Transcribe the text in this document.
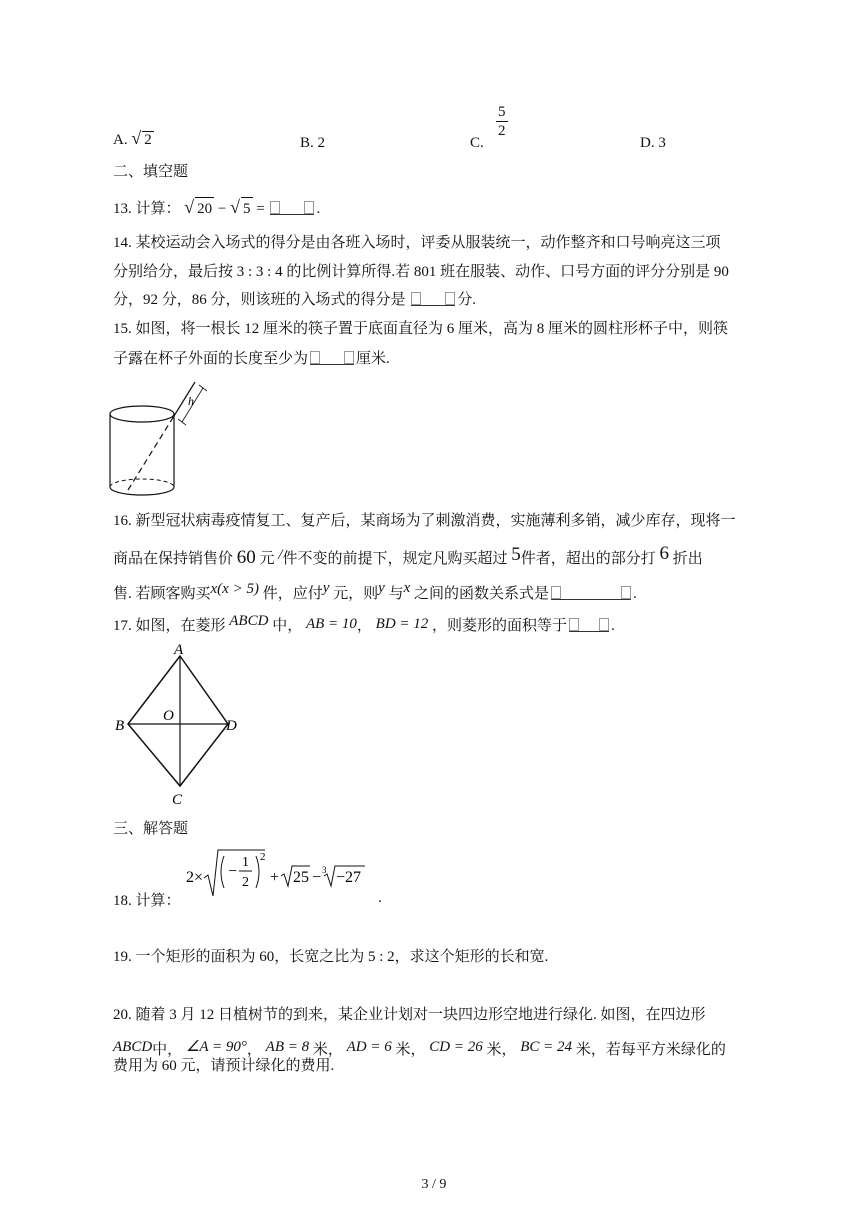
A. √ 2	B. 2	C.
$\frac{5}{2}$
D. 3
二、填空题
13. 计算： √ 20 − √ 5 =	.
14. 某校运动会入场式的得分是由各班入场时，评委从服装统一，动作整齐和口号响亮这三项
分别给分，最后按 3 : 3 : 4 的比例计算所得.若 801 班在服装、动作、口号方面的评分分别是 90
分，92 分，86 分，则该班的入场式的得分是	分.
15. 如图，将一根长 12 厘米的筷子置于底面直径为 6 厘米，高为 8 厘米的圆柱形杯子中，则筷
子露在杯子外面的长度至少为	厘米.
h
16. 新型冠状病毒疫情复工、复产后，某商场为了刺激消费，实施薄利多销，减少库存，现将一
商品在保持销售价 60 元 /件不变的前提下，规定凡购买超过 5件者，超出的部分打 6 折出
售. 若顾客购买x(x > 5) 件，应付y 元，则y 与x 之间的函数关系式是	.
17. 如图，在菱形 ABCD 中， AB = 10， BD = 12 ，则菱形的面积等于	.
A
B	D
C
O
三、解答题
18. 计算：
2× −
1
2
2
+ 25 − 3 −27
.
19. 一个矩形的面积为 60，长宽之比为 5 : 2，求这个矩形的长和宽.
20. 随着 3 月 12 日植树节的到来，某企业计划对一块四边形空地进行绿化. 如图，在四边形
ABCD中， ∠A = 90°， AB = 8 米， AD = 6 米， CD = 26 米， BC = 24 米，若每平方米绿化的
费用为 60 元，请预计绿化的费用.
3 / 9
